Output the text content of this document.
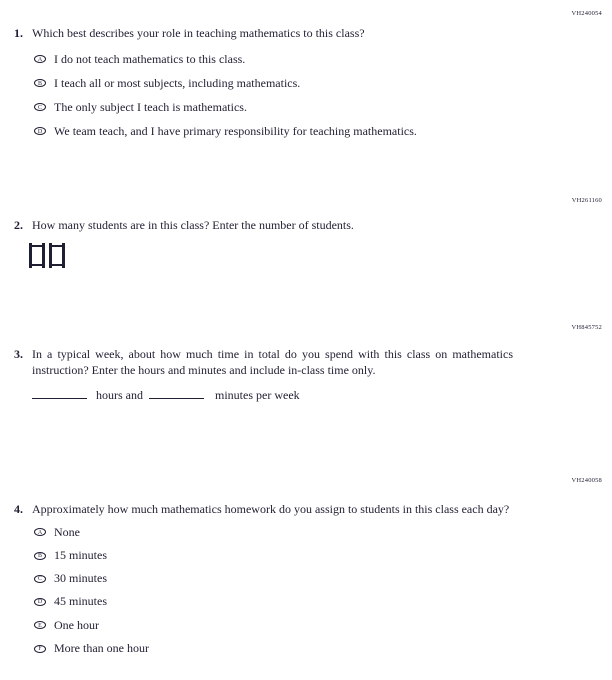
VH240054
1. Which best describes your role in teaching mathematics to this class?
A I do not teach mathematics to this class.
B I teach all or most subjects, including mathematics.
C The only subject I teach is mathematics.
D We team teach, and I have primary responsibility for teaching mathematics.
VH261160
2. How many students are in this class? Enter the number of students.
VH845752
3. In a typical week, about how much time in total do you spend with this class on mathematics instruction? Enter the hours and minutes and include in-class time only.
hours and	minutes per week
VH240058
4. Approximately how much mathematics homework do you assign to students in this class each day?
A None
B 15 minutes
C 30 minutes
D 45 minutes
E One hour
F More than one hour
